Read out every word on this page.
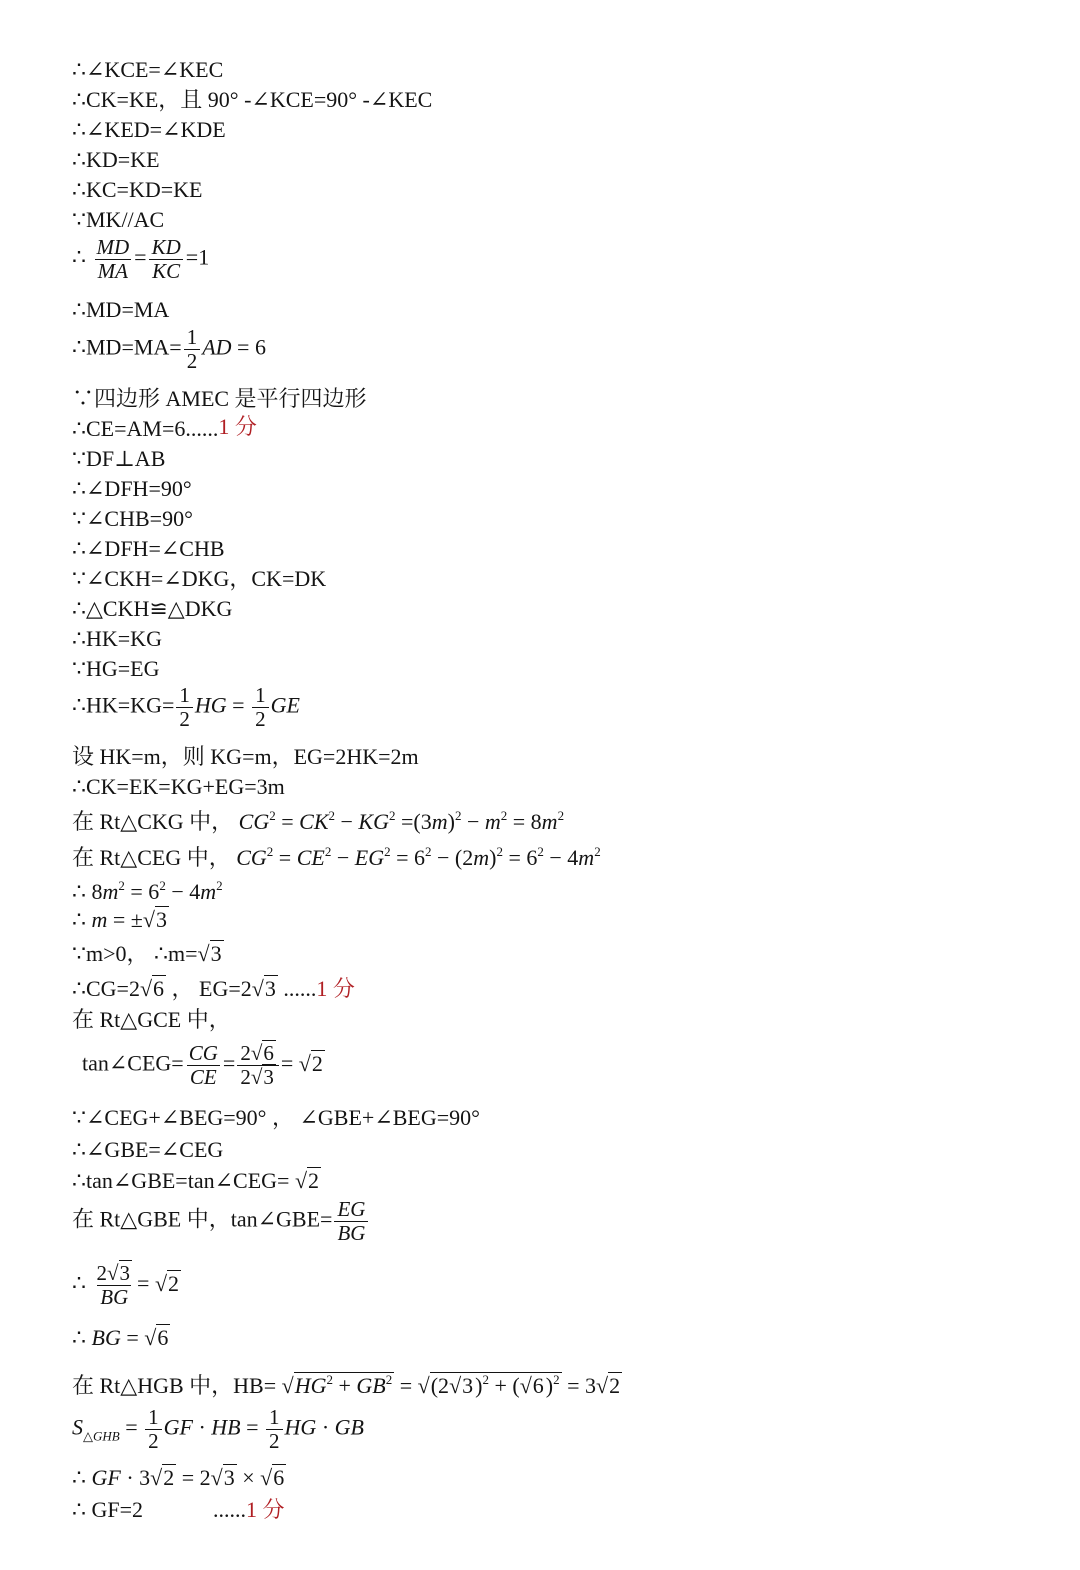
∴∠KCE=∠KEC
∴CK=KE，且 90° -∠KCE=90° -∠KEC
∴∠KED=∠KDE
∴KD=KE
∴KC=KD=KE
∵MK//AC
∴ $\frac{MD}{MA} = \frac{KD}{KC} =1$
∴MD=MA
∴MD=MA= $\frac{1}{2}$ AD = 6
∵四边形 AMEC 是平行四边形
∴CE=AM=6......1 分
∵DF⊥AB
∴∠DFH=90°
∵∠CHB=90°
∴∠DFH=∠CHB
∵∠CKH=∠DKG，CK=DK
∴△CKH≌△DKG
∴HK=KG
∵HG=EG
∴HK=KG= $\frac{1}{2}$ HG = $\frac{1}{2}$ GE
设 HK=m，则 KG=m，EG=2HK=2m
∴CK=EK=KG+EG=3m
在 Rt△CKG 中， $CG^2 = CK^2 - KG^2 =(3m)^2 - m^2 = 8m^2$
在 Rt△CEG 中， $CG^2 = CE^2 - EG^2 = 6^2 - (2m)^2 = 6^2 - 4m^2$
∴ $8m^2 = 6^2 - 4m^2$
∴ m = ±√3
∵m>0， ∴m=√3
∴CG=2√6 ， EG=2√3 ......1 分
在 Rt△GCE 中，
tan∠CEG= $\frac{CG}{CE} = \frac{2√6}{2√3} = √2$
∵∠CEG+∠BEG=90° ， ∠GBE+∠BEG=90°
∴∠GBE=∠CEG
∴tan∠GBE=tan∠CEG= √2
在 Rt△GBE 中，tan∠GBE= $\frac{EG}{BG}$
∴ $\frac{2√3}{BG} = √2$
∴ BG = √6
在 Rt△HGB 中，$HB= √HG^2 + GB^2 = √(2√3)^2 + (√6)^2 = 3√2$
$S_{\triangle GHB} = \frac{1}{2}$ GF · HB = $\frac{1}{2}$ HG · GB
∴ GF · 3√2 = 2√3 × √6
∴ GF=2	......1 分
